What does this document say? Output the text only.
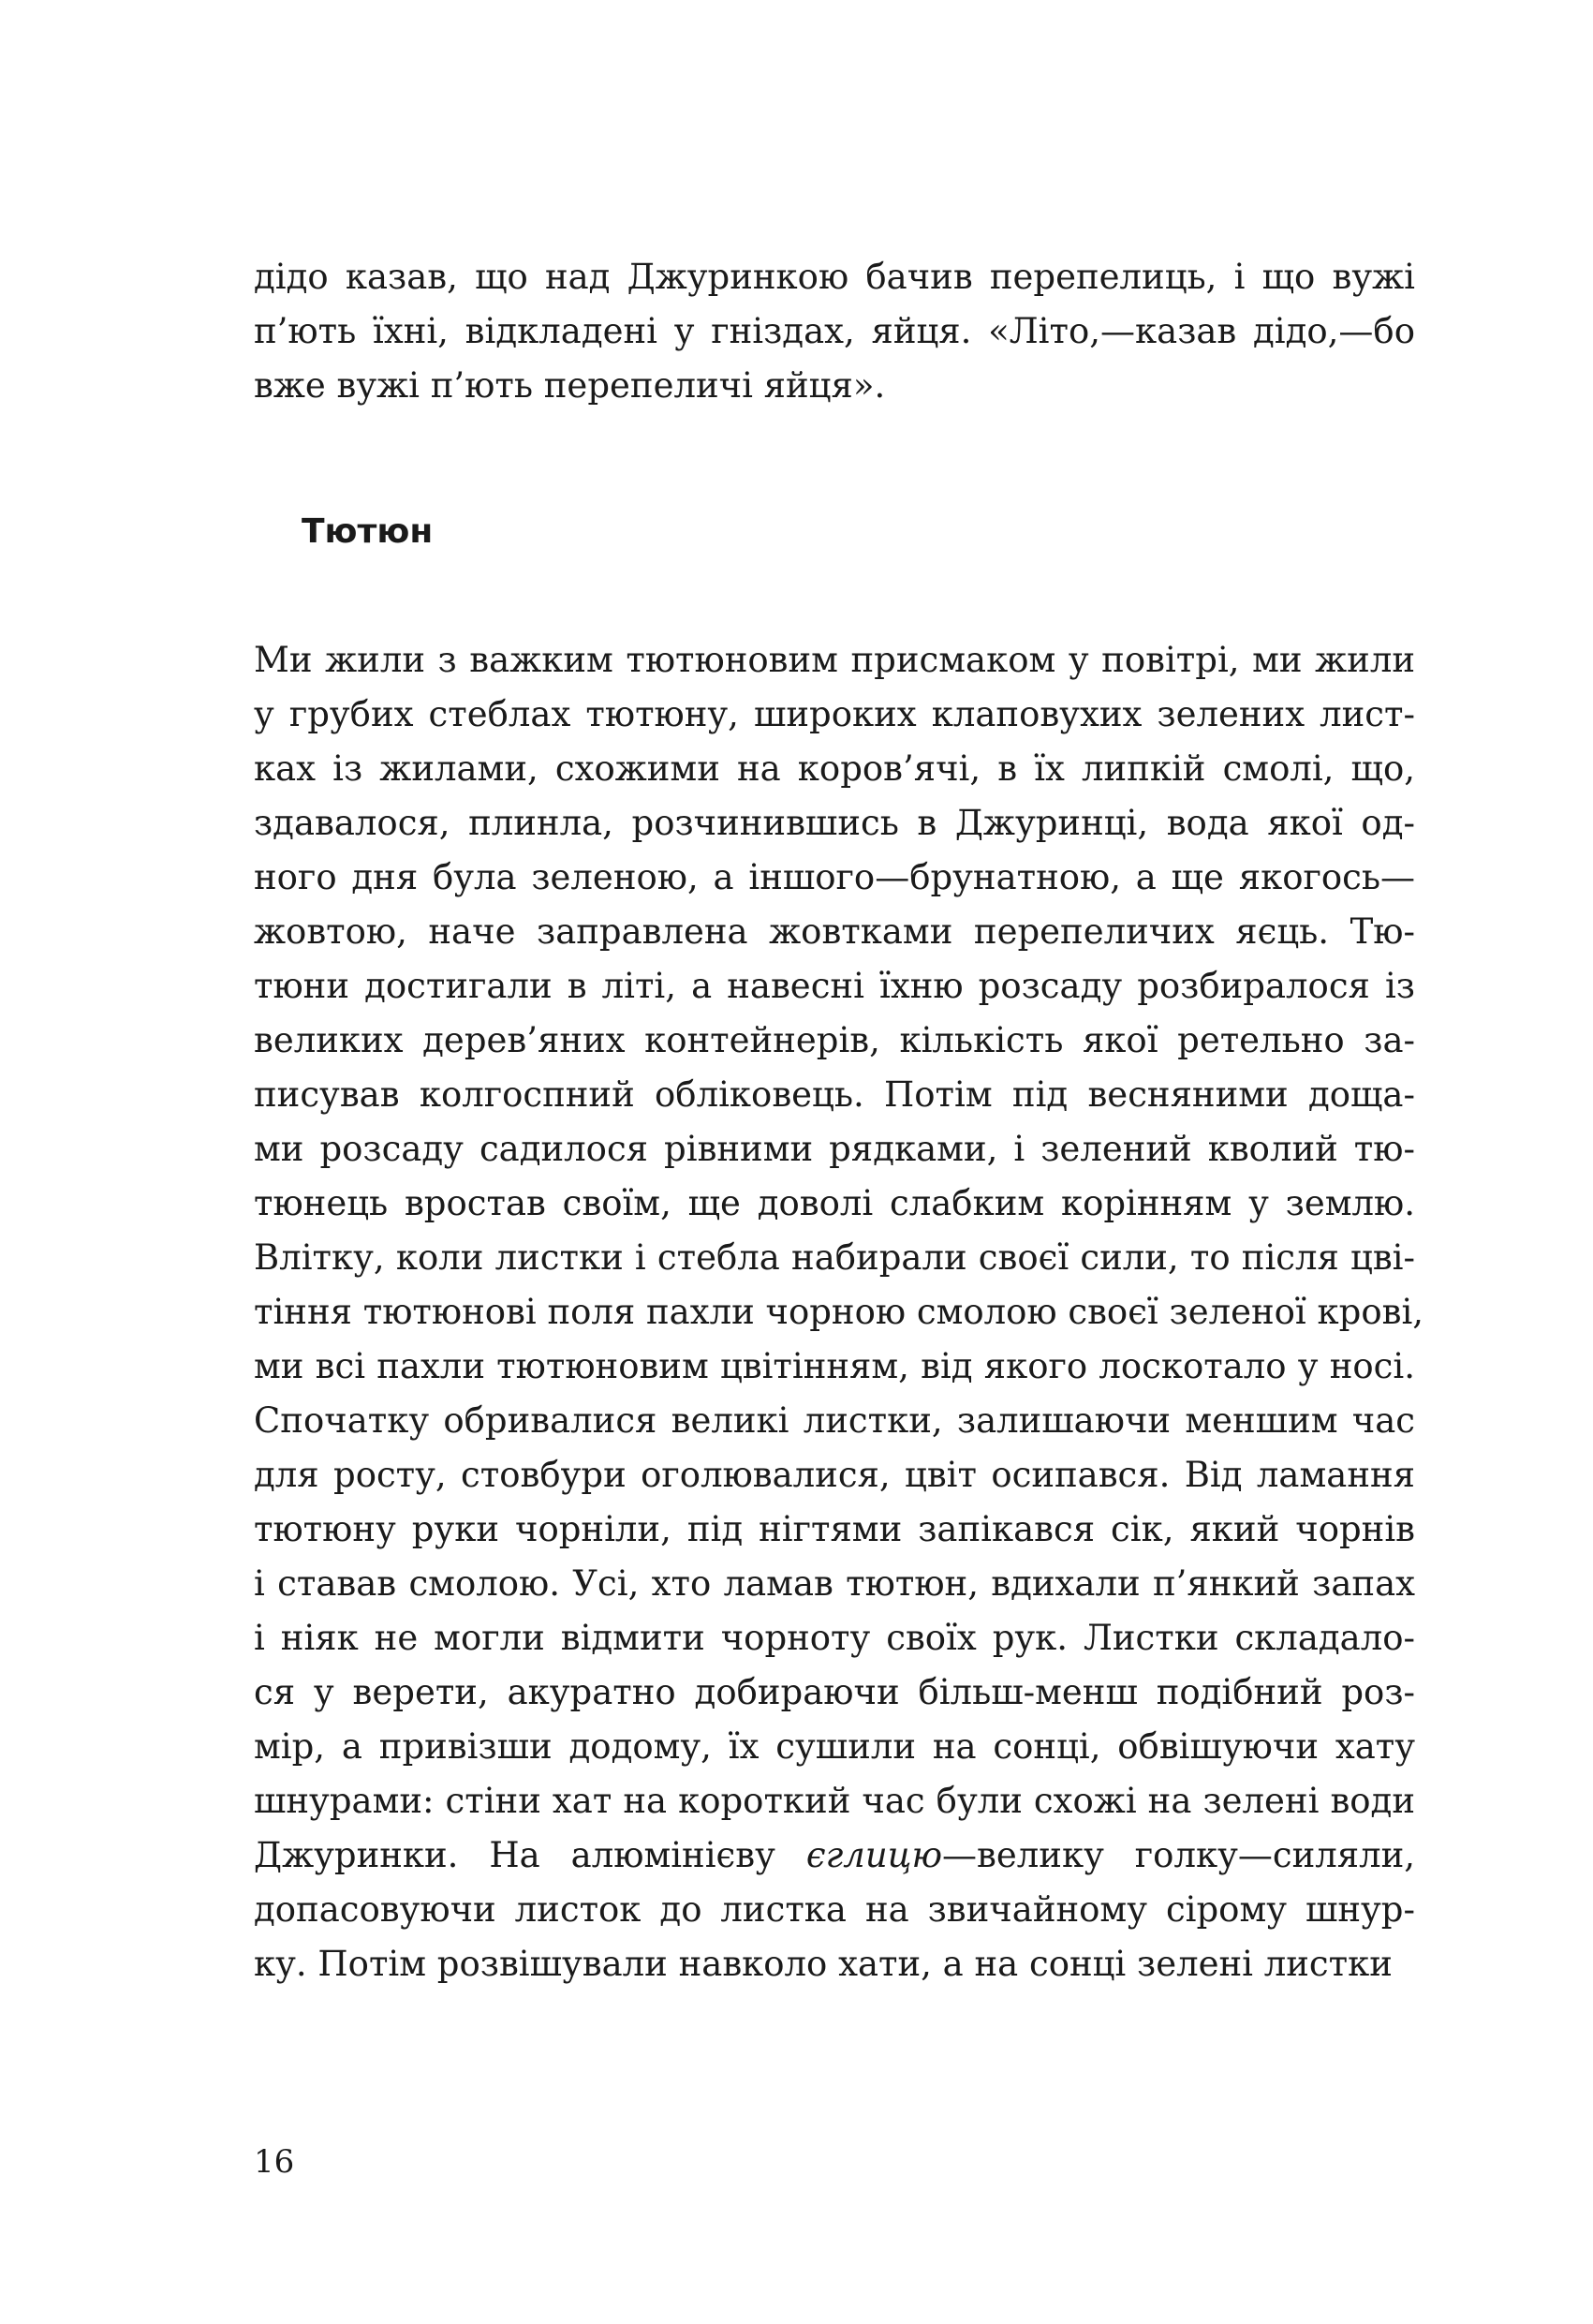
дідо казав, що над Джуринкою бачив перепелиць, і що вужі
п’ють їхні, відкладені у гніздах, яйця. «Літо,—казав дідо,—бо
вже вужі п’ють перепеличі яйця».
Тютюн
Ми жили з важким тютюновим присмаком у повітрі, ми жили
у грубих стеблах тютюну, широких клаповухих зелених лист-
ках із жилами, схожими на коров’ячі, в їх липкій смолі, що,
здавалося, плинла, розчинившись в Джуринці, вода якої од-
ного дня була зеленою, а іншого—брунатною, а ще якогось—
жовтою, наче заправлена жовтками перепеличих яєць. Тю-
тюни достигали в літі, а навесні їхню розсаду розбиралося із
великих дерев’яних контейнерів, кількість якої ретельно за-
писував колгоспний обліковець. Потім під весняними доща-
ми розсаду садилося рівними рядками, і зелений кволий тю-
тюнець вростав своїм, ще доволі слабким корінням у землю.
Влітку, коли листки і стебла набирали своєї сили, то після цві-
тіння тютюнові поля пахли чорною смолою своєї зеленої крові,
ми всі пахли тютюновим цвітінням, від якого лоскотало у носі.
Спочатку обривалися великі листки, залишаючи меншим час
для росту, стовбури оголювалися, цвіт осипався. Від ламання
тютюну руки чорніли, під нігтями запікався сік, який чорнів
і ставав смолою. Усі, хто ламав тютюн, вдихали п’янкий запах
і ніяк не могли відмити чорноту своїх рук. Листки складало-
ся у верети, акуратно добираючи більш-менш подібний роз-
мір, а привізши додому, їх сушили на сонці, обвішуючи хату
шнурами: стіни хат на короткий час були схожі на зелені води
Джуринки. На алюмінієву єглицю—велику голку—силяли,
допасовуючи листок до листка на звичайному сірому шнур-
ку. Потім розвішували навколо хати, а на сонці зелені листки
16
